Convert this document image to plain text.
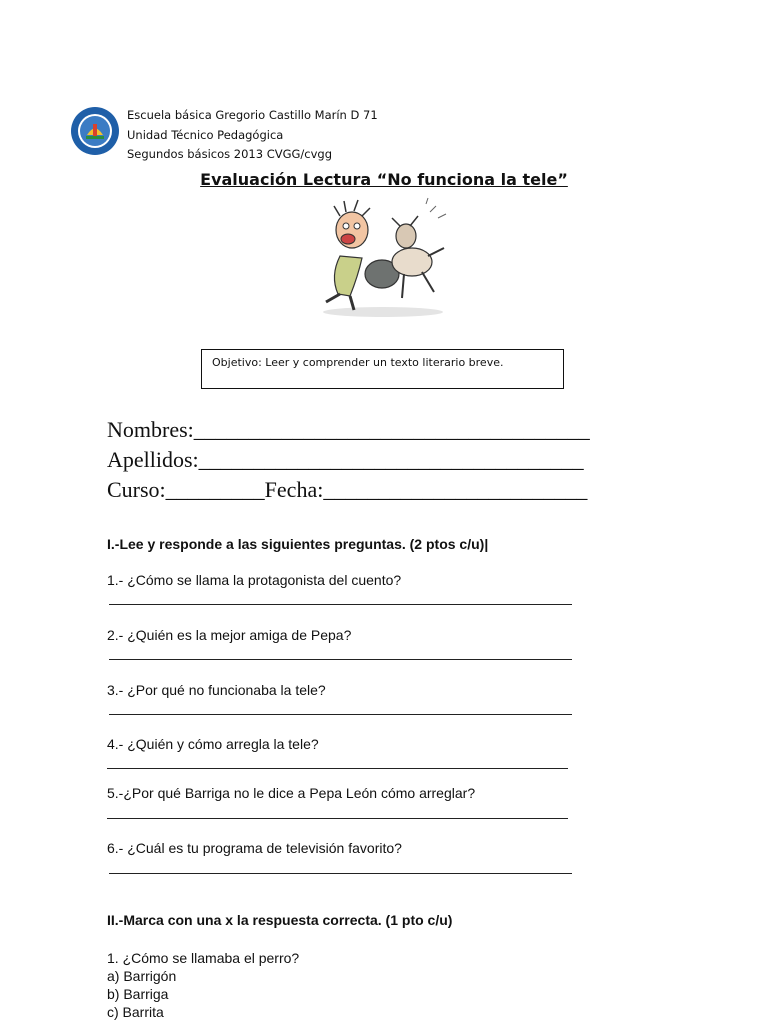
Escuela básica Gregorio Castillo Marín D 71
Unidad Técnico Pedagógica
Segundos básicos 2013 CVGG/cvgg
Evaluación Lectura “No funciona la tele”
Objetivo: Leer y comprender un texto literario breve.
Nombres:____________________________________
Apellidos:___________________________________
Curso:_________Fecha:________________________
I.-Lee y responde a las siguientes preguntas. (2 ptos c/u)|
1.- ¿Cómo se llama la protagonista del cuento?
2.- ¿Quién es la mejor amiga de Pepa?
3.- ¿Por qué no funcionaba la tele?
4.- ¿Quién y cómo arregla la tele?
5.-¿Por qué Barriga no le dice a Pepa León cómo arreglar?
6.- ¿Cuál es tu programa de televisión favorito?
II.-Marca con una x la respuesta correcta. (1 pto c/u)
1. ¿Cómo se llamaba el perro?
a) Barrigón
b) Barriga
c) Barrita
